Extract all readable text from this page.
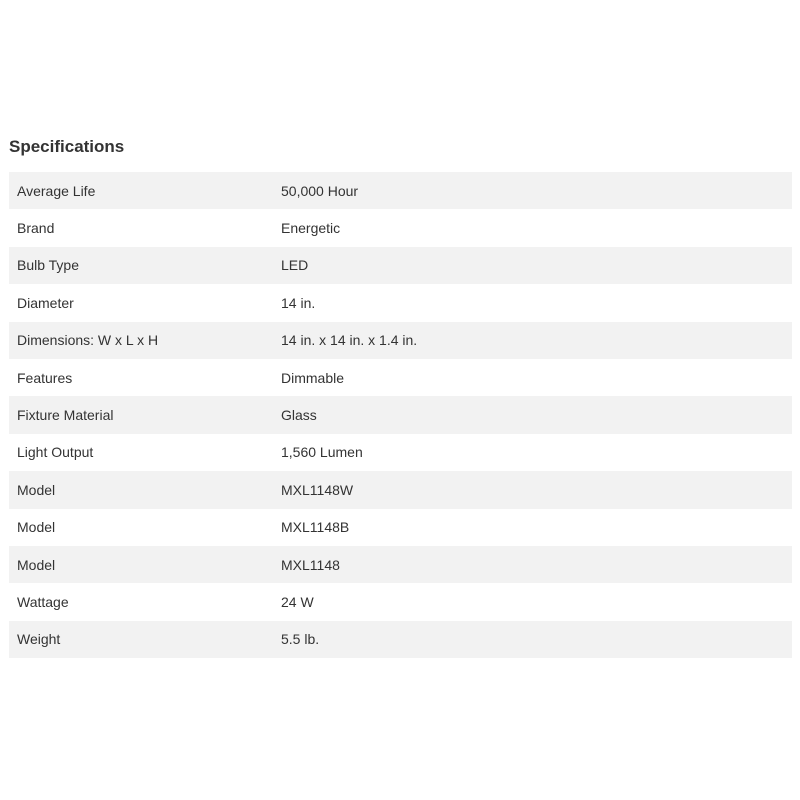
Specifications
Average Life	50,000 Hour
Brand	Energetic
Bulb Type	LED
Diameter	14 in.
Dimensions: W x L x H	14 in. x 14 in. x 1.4 in.
Features	Dimmable
Fixture Material	Glass
Light Output	1,560 Lumen
Model	MXL1148W
Model	MXL1148B
Model	MXL1148
Wattage	24 W
Weight	5.5 lb.
